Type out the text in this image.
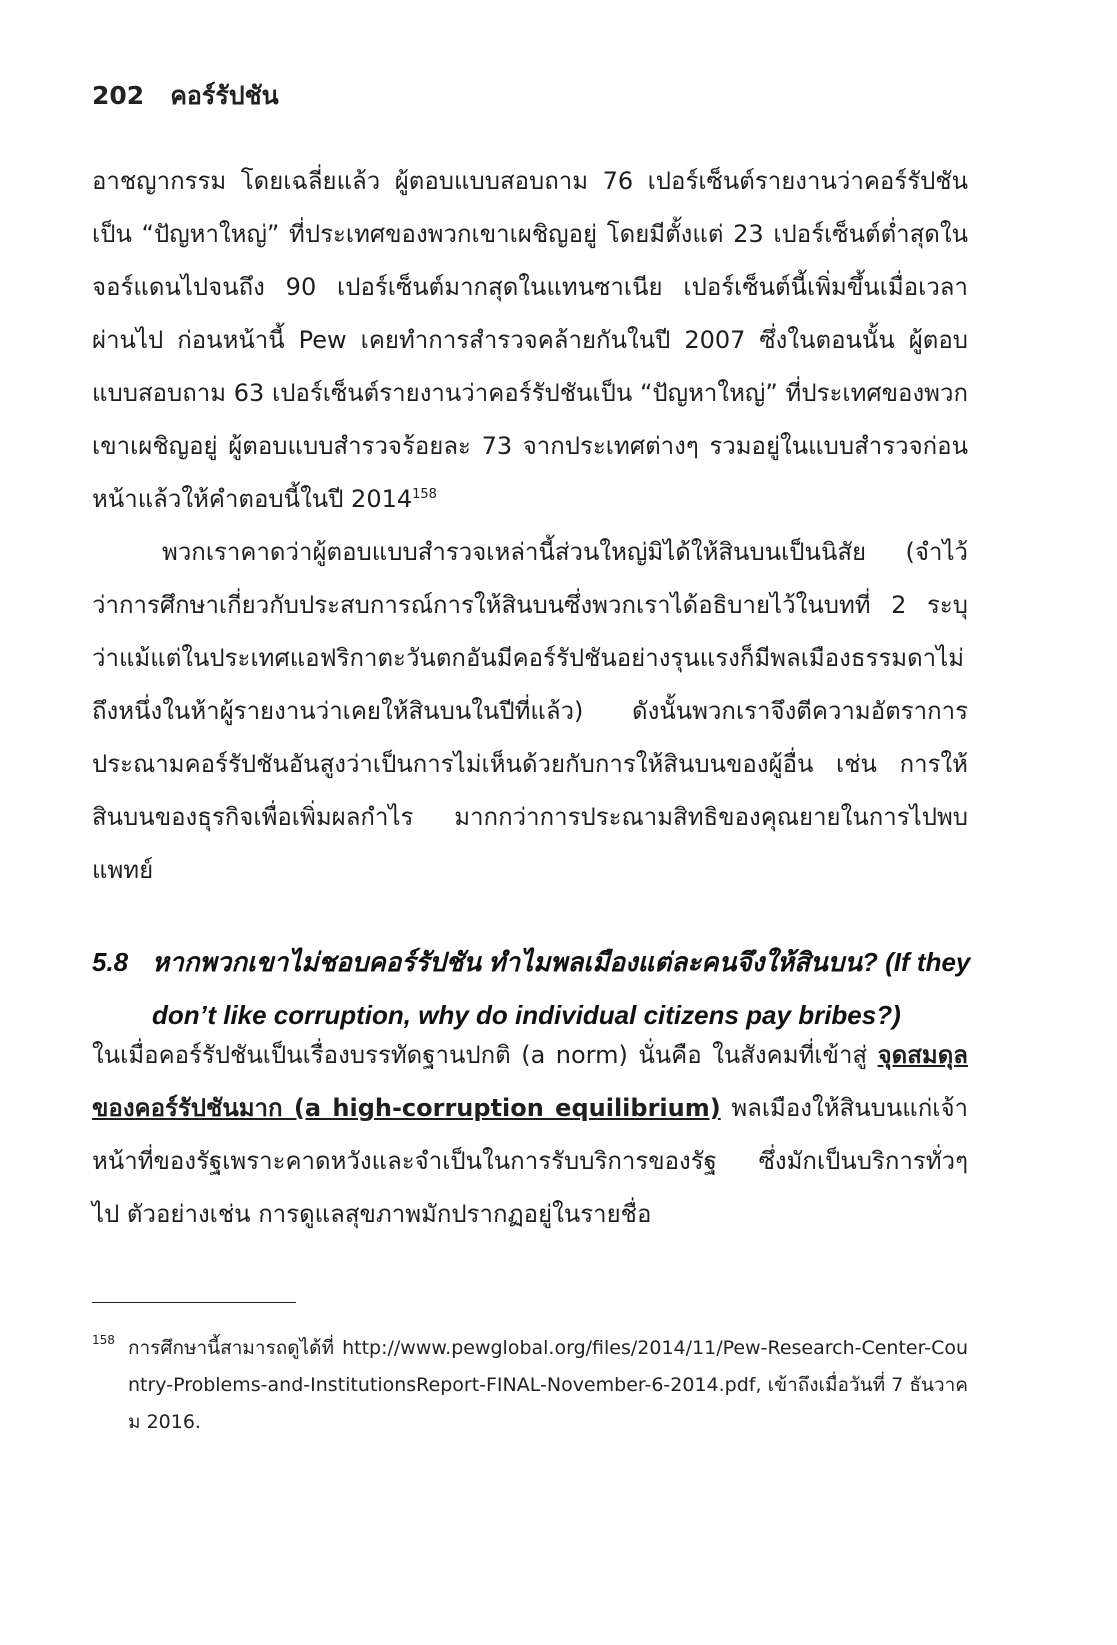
202 คอร์รัปชัน

อาชญากรรม โดยเฉลี่ยแล้ว ผู้ตอบแบบสอบถาม 76 เปอร์เซ็นต์รายงานว่าคอร์รัปชันเป็น “ปัญหาใหญ่” ที่ประเทศของพวกเขาเผชิญอยู่ โดยมีตั้งแต่ 23 เปอร์เซ็นต์ต่ำสุดในจอร์แดนไปจนถึง 90 เปอร์เซ็นต์มากสุดในแทนซาเนีย เปอร์เซ็นต์นี้เพิ่มขึ้นเมื่อเวลาผ่านไป ก่อนหน้านี้ Pew เคยทำการสำรวจคล้ายกันในปี 2007 ซึ่งในตอนนั้น ผู้ตอบแบบสอบถาม 63 เปอร์เซ็นต์รายงานว่าคอร์รัปชันเป็น “ปัญหาใหญ่” ที่ประเทศของพวกเขาเผชิญอยู่ ผู้ตอบแบบสำรวจร้อยละ 73 จากประเทศต่างๆ รวมอยู่ในแบบสำรวจก่อนหน้าแล้วให้คำตอบนี้ในปี 2014$^{158}$

พวกเราคาดว่าผู้ตอบแบบสำรวจเหล่านี้ส่วนใหญ่มิได้ให้สินบนเป็นนิสัย (จำไว้ว่าการศึกษาเกี่ยวกับประสบการณ์การให้สินบนซึ่งพวกเราได้อธิบายไว้ในบทที่ 2 ระบุว่าแม้แต่ในประเทศแอฟริกาตะวันตกอันมีคอร์รัปชันอย่างรุนแรงก็มีพลเมืองธรรมดาไม่ถึงหนึ่งในห้าผู้รายงานว่าเคยให้สินบนในปีที่แล้ว) ดังนั้นพวกเราจึงตีความอัตราการประณามคอร์รัปชันอันสูงว่าเป็นการไม่เห็นด้วยกับการให้สินบนของผู้อื่น เช่น การให้สินบนของธุรกิจเพื่อเพิ่มผลกำไร มากกว่าการประณามสิทธิของคุณยายในการไปพบแพทย์

5.8 หากพวกเขาไม่ชอบคอร์รัปชัน ทำไมพลเมืองแต่ละคนจึงให้สินบน? (If they
don’t like corruption, why do individual citizens pay bribes?)

ในเมื่อคอร์รัปชันเป็นเรื่องบรรทัดฐานปกติ (a norm) นั่นคือ ในสังคมที่เข้าสู่ จุดสมดุลของคอร์รัปชันมาก (a high-corruption equilibrium) พลเมืองให้สินบนแก่เจ้าหน้าที่ของรัฐเพราะคาดหวังและจำเป็นในการรับบริการของรัฐ ซึ่งมักเป็นบริการทั่วๆ ไป ตัวอย่างเช่น การดูแลสุขภาพมักปรากฏอยู่ในรายชื่อ

158 การศึกษานี้สามารถดูได้ที่ http://www.pewglobal.org/files/2014/11/Pew-Research-Center-Country-Problems-and-InstitutionsReport-FINAL-November-6-2014.pdf, เข้าถึงเมื่อวันที่ 7 ธันวาคม 2016.
